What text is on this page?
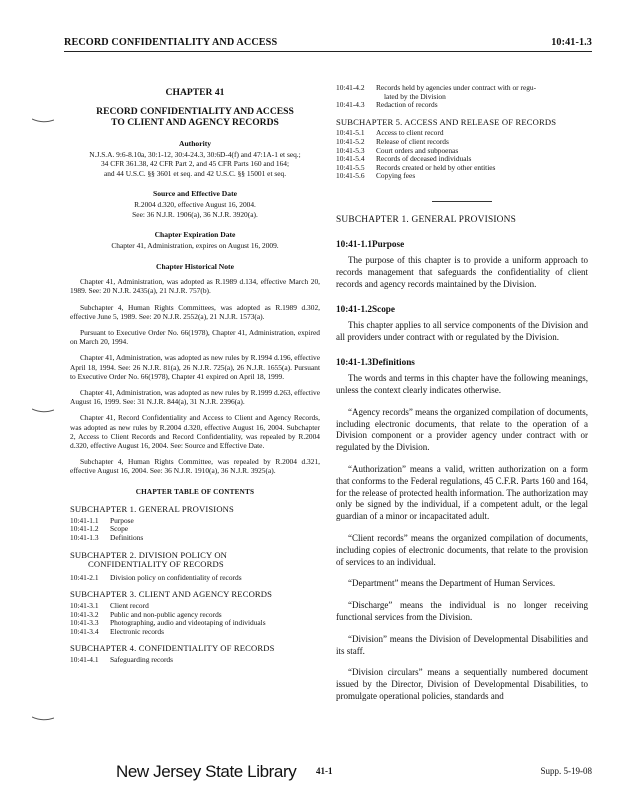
RECORD CONFIDENTIALITY AND ACCESS	10:41-1.3
CHAPTER 41
RECORD CONFIDENTIALITY AND ACCESS
TO CLIENT AND AGENCY RECORDS
Authority
N.J.S.A. 9:6-8.10a, 30:1-12, 30:4-24.3, 30:6D-4(f) and 47:1A-1 et seq.;
34 CFR 361.38, 42 CFR Part 2, and 45 CFR Parts 160 and 164;
and 44 U.S.C. §§ 3601 et seq. and 42 U.S.C. §§ 15001 et seq.
Source and Effective Date
R.2004 d.320, effective August 16, 2004.
See: 36 N.J.R. 1906(a), 36 N.J.R. 3920(a).
Chapter Expiration Date
Chapter 41, Administration, expires on August 16, 2009.
Chapter Historical Note

Chapter 41, Administration, was adopted as R.1989 d.134, effective March 20, 1989. See: 20 N.J.R. 2435(a), 21 N.J.R. 757(b).

Subchapter 4, Human Rights Committees, was adopted as R.1989 d.302, effective June 5, 1989. See: 20 N.J.R. 2552(a), 21 N.J.R. 1573(a).

Pursuant to Executive Order No. 66(1978), Chapter 41, Administration, expired on March 20, 1994.

Chapter 41, Administration, was adopted as new rules by R.1994 d.196, effective April 18, 1994. See: 26 N.J.R. 81(a), 26 N.J.R. 725(a), 26 N.J.R. 1655(a). Pursuant to Executive Order No. 66(1978), Chapter 41 expired on April 18, 1999.

Chapter 41, Administration, was adopted as new rules by R.1999 d.263, effective August 16, 1999. See: 31 N.J.R. 844(a), 31 N.J.R. 2396(a).

Chapter 41, Record Confidentiality and Access to Client and Agency Records, was adopted as new rules by R.2004 d.320, effective August 16, 2004. Subchapter 2, Access to Client Records and Record Confidentiality, was repealed by R.2004 d.320, effective August 16, 2004. See: Source and Effective Date.

Subchapter 4, Human Rights Committee, was repealed by R.2004 d.321, effective August 16, 2004. See: 36 N.J.R. 1910(a), 36 N.J.R. 3925(a).

CHAPTER TABLE OF CONTENTS
SUBCHAPTER 1. GENERAL PROVISIONS
10:41-1.1	Purpose
10:41-1.2	Scope
10:41-1.3	Definitions
SUBCHAPTER 2. DIVISION POLICY ON
CONFIDENTIALITY OF RECORDS
10:41-2.1	Division policy on confidentiality of records
SUBCHAPTER 3. CLIENT AND AGENCY RECORDS
10:41-3.1	Client record
10:41-3.2	Public and non-public agency records
10:41-3.3	Photographing, audio and videotaping of individuals
10:41-3.4	Electronic records
SUBCHAPTER 4. CONFIDENTIALITY OF RECORDS
10:41-4.1	Safeguarding records
10:41-4.2	Records held by agencies under contract with or regu-
lated by the Division
10:41-4.3	Redaction of records
SUBCHAPTER 5. ACCESS AND RELEASE OF RECORDS
10:41-5.1	Access to client record
10:41-5.2	Release of client records
10:41-5.3	Court orders and subpoenas
10:41-5.4	Records of deceased individuals
10:41-5.5	Records created or held by other entities
10:41-5.6	Copying fees
SUBCHAPTER 1. GENERAL PROVISIONS
10:41-1.1Purpose

The purpose of this chapter is to provide a uniform approach to records management that safeguards the confidentiality of client records and agency records maintained by the Division.

10:41-1.2Scope

This chapter applies to all service components of the Division and all providers under contract with or regulated by the Division.

10:41-1.3Definitions

The words and terms in this chapter have the following meanings, unless the context clearly indicates otherwise.

“Agency records” means the organized compilation of documents, including electronic documents, that relate to the operation of a Division component or a provider agency under contract with or regulated by the Division.

“Authorization” means a valid, written authorization on a form that conforms to the Federal regulations, 45 C.F.R. Parts 160 and 164, for the release of protected health information. The authorization may only be signed by the individual, if a competent adult, or the legal guardian of a minor or incapacitated adult.

“Client records” means the organized compilation of documents, including copies of electronic documents, that relate to the provision of services to an individual.

“Department” means the Department of Human Services.

“Discharge” means the individual is no longer receiving functional services from the Division.

“Division” means the Division of Developmental Disabilities and its staff.

“Division circulars” means a sequentially numbered document issued by the Director, Division of Developmental Disabilities, to promulgate operational policies, standards and

New Jersey State Library 41-1	Supp. 5-19-08
